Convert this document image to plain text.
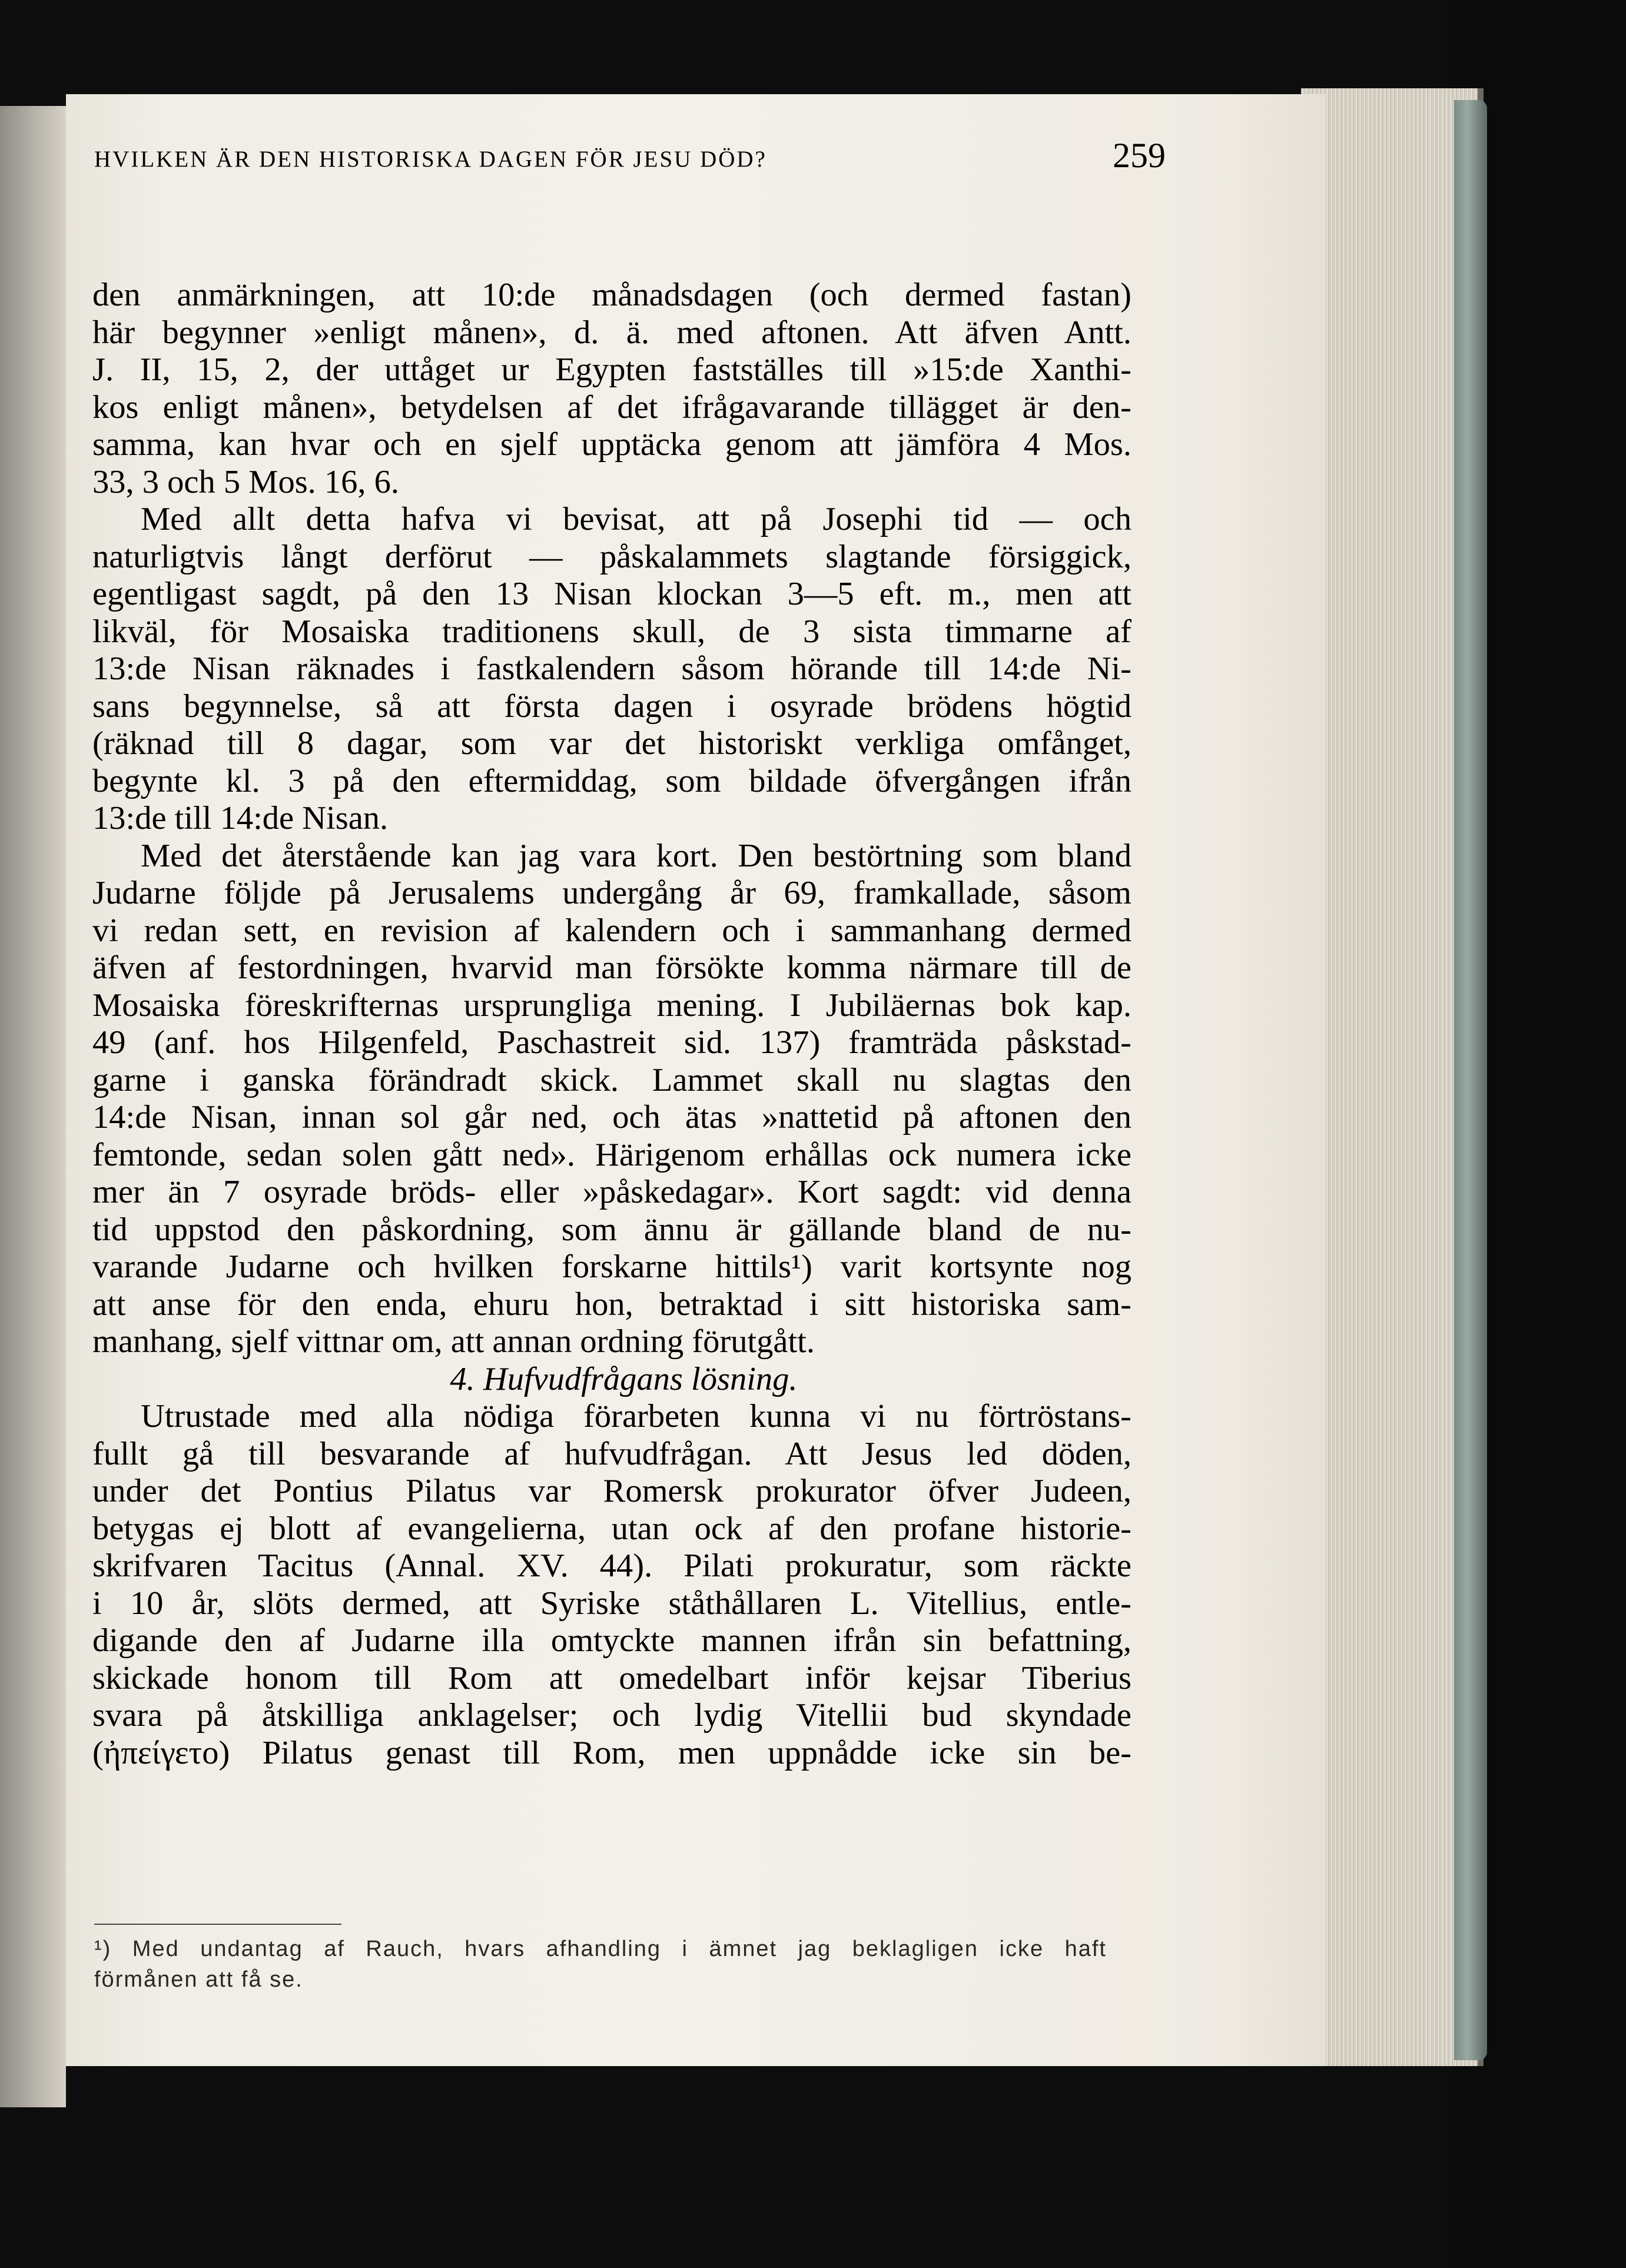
HVILKEN ÄR DEN HISTORISKA DAGEN FÖR JESU DÖD?	259
den anmärkningen, att 10:de månadsdagen (och dermed fastan)
här begynner »enligt månen», d. ä. med aftonen. Att äfven Antt.
J. II, 15, 2, der uttåget ur Egypten fastställes till »15:de Xanthi-
kos enligt månen», betydelsen af det ifrågavarande tillägget är den-
samma, kan hvar och en sjelf upptäcka genom att jämföra 4 Mos.
33, 3 och 5 Mos. 16, 6.
Med allt detta hafva vi bevisat, att på Josephi tid — och
naturligtvis långt derförut — påskalammets slagtande försiggick,
egentligast sagdt, på den 13 Nisan klockan 3—5 eft. m., men att
likväl, för Mosaiska traditionens skull, de 3 sista timmarne af
13:de Nisan räknades i fastkalendern såsom hörande till 14:de Ni-
sans begynnelse, så att första dagen i osyrade brödens högtid
(räknad till 8 dagar, som var det historiskt verkliga omfånget,
begynte kl. 3 på den eftermiddag, som bildade öfvergången ifrån
13:de till 14:de Nisan.
Med det återstående kan jag vara kort. Den bestörtning som bland
Judarne följde på Jerusalems undergång år 69, framkallade, såsom
vi redan sett, en revision af kalendern och i sammanhang dermed
äfven af festordningen, hvarvid man försökte komma närmare till de
Mosaiska föreskrifternas ursprungliga mening. I Jubiläernas bok kap.
49 (anf. hos Hilgenfeld, Paschastreit sid. 137) framträda påskstad-
garne i ganska förändradt skick. Lammet skall nu slagtas den
14:de Nisan, innan sol går ned, och ätas »nattetid på aftonen den
femtonde, sedan solen gått ned». Härigenom erhållas ock numera icke
mer än 7 osyrade bröds- eller »påskedagar». Kort sagdt: vid denna
tid uppstod den påskordning, som ännu är gällande bland de nu-
varande Judarne och hvilken forskarne hittils¹) varit kortsynte nog
att anse för den enda, ehuru hon, betraktad i sitt historiska sam-
manhang, sjelf vittnar om, att annan ordning förutgått.
4. Hufvudfrågans lösning.
Utrustade med alla nödiga förarbeten kunna vi nu förtröstans-
fullt gå till besvarande af hufvudfrågan. Att Jesus led döden,
under det Pontius Pilatus var Romersk prokurator öfver Judeen,
betygas ej blott af evangelierna, utan ock af den profane historie-
skrifvaren Tacitus (Annal. XV. 44). Pilati prokuratur, som räckte
i 10 år, slöts dermed, att Syriske ståthållaren L. Vitellius, entle-
digande den af Judarne illa omtyckte mannen ifrån sin befattning,
skickade honom till Rom att omedelbart inför kejsar Tiberius
svara på åtskilliga anklagelser; och lydig Vitellii bud skyndade
(ἠπείγετο) Pilatus genast till Rom, men uppnådde icke sin be-
¹) Med undantag af Rauch, hvars afhandling i ämnet jag beklagligen icke haft
förmånen att få se.
